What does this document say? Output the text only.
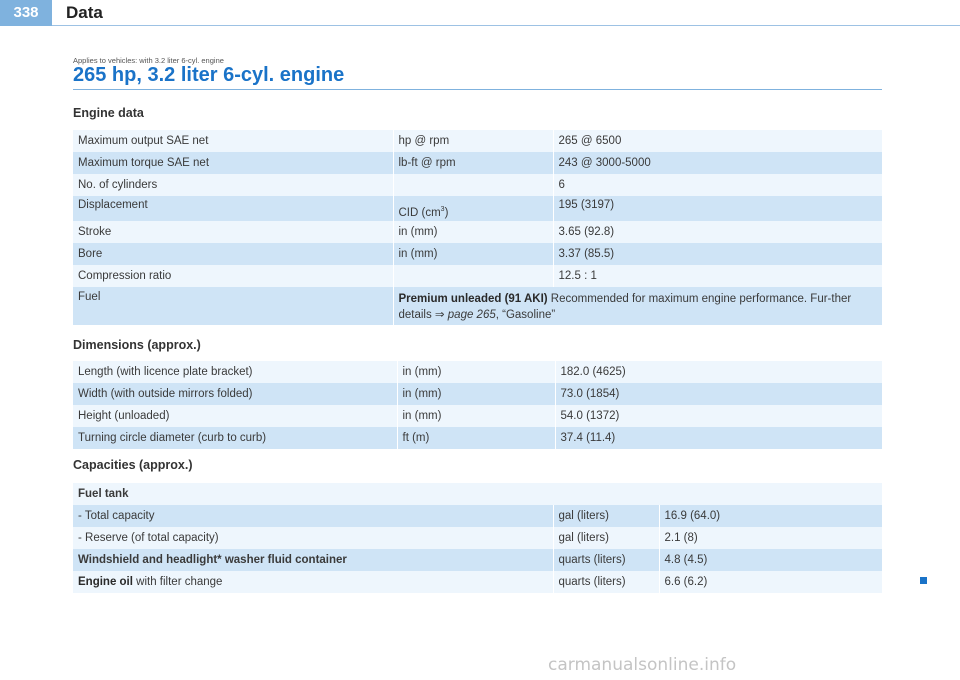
338	Data
Applies to vehicles: with 3.2 liter 6-cyl. engine
265 hp, 3.2 liter 6-cyl. engine
Engine data
Maximum output SAE net	hp @ rpm	265 @ 6500
Maximum torque SAE net	lb-ft @ rpm	243 @ 3000-5000
No. of cylinders		6
Displacement	CID $(cm^3)$	195 (3197)
Stroke	in (mm)	3.65 (92.8)
Bore	in (mm)	3.37 (85.5)
Compression ratio		12.5 : 1
Fuel	Premium unleaded (91 AKI) Recommended for maximum engine performance. Fur-ther details ⇒ page 265, “Gasoline”	
Dimensions (approx.)
Length (with licence plate bracket)	in (mm)	182.0 (4625)
Width (with outside mirrors folded)	in (mm)	73.0 (1854)
Height (unloaded)	in (mm)	54.0 (1372)
Turning circle diameter (curb to curb)	ft (m)	37.4 (11.4)
Capacities (approx.)
Fuel tank		
- Total capacity	gal (liters)	16.9 (64.0)
- Reserve (of total capacity)	gal (liters)	2.1 (8)
Windshield and headlight* washer fluid container	quarts (liters)	4.8 (4.5)
Engine oil with filter change	quarts (liters)	6.6 (6.2)
carmanualsonline.info
